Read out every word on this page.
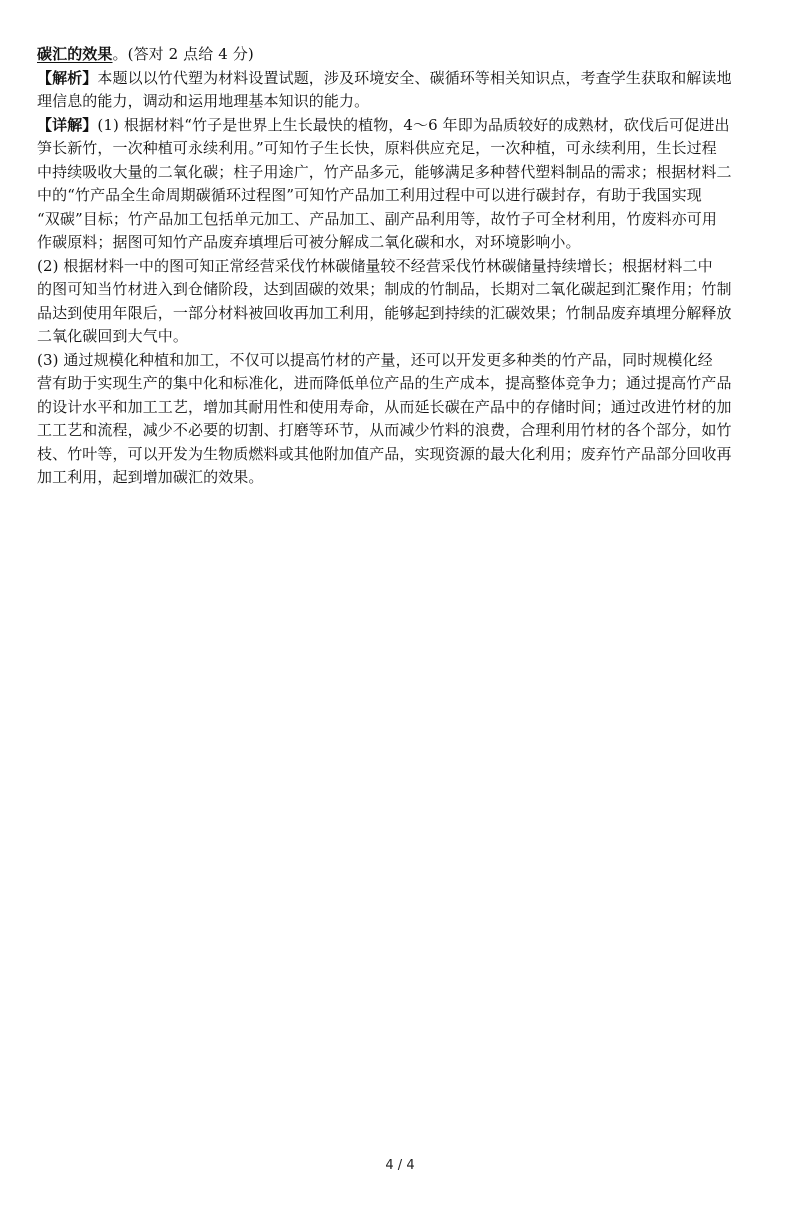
碳汇的效果。(答对 2 点给 4 分)
【解析】本题以以竹代塑为材料设置试题，涉及环境安全、碳循环等相关知识点，考查学生获取和解读地
理信息的能力，调动和运用地理基本知识的能力。
【详解】(1) 根据材料“竹子是世界上生长最快的植物，4～6 年即为品质较好的成熟材，砍伐后可促进出
笋长新竹，一次种植可永续利用。”可知竹子生长快，原料供应充足，一次种植，可永续利用，生长过程
中持续吸收大量的二氧化碳；柱子用途广，竹产品多元，能够满足多种替代塑料制品的需求；根据材料二
中的“竹产品全生命周期碳循环过程图”可知竹产品加工利用过程中可以进行碳封存，有助于我国实现
“双碳”目标；竹产品加工包括单元加工、产品加工、副产品利用等，故竹子可全材利用，竹废料亦可用
作碳原料；据图可知竹产品废弃填埋后可被分解成二氧化碳和水，对环境影响小。
(2) 根据材料一中的图可知正常经营采伐竹林碳储量较不经营采伐竹林碳储量持续增长；根据材料二中
的图可知当竹材进入到仓储阶段，达到固碳的效果；制成的竹制品，长期对二氧化碳起到汇聚作用；竹制
品达到使用年限后，一部分材料被回收再加工利用，能够起到持续的汇碳效果；竹制品废弃填埋分解释放
二氧化碳回到大气中。
(3) 通过规模化种植和加工，不仅可以提高竹材的产量，还可以开发更多种类的竹产品，同时规模化经
营有助于实现生产的集中化和标准化，进而降低单位产品的生产成本，提高整体竞争力；通过提高竹产品
的设计水平和加工工艺，增加其耐用性和使用寿命，从而延长碳在产品中的存储时间；通过改进竹材的加
工工艺和流程，减少不必要的切割、打磨等环节，从而减少竹料的浪费，合理利用竹材的各个部分，如竹
枝、竹叶等，可以开发为生物质燃料或其他附加值产品，实现资源的最大化利用；废弃竹产品部分回收再
加工利用，起到增加碳汇的效果。
4 / 4
